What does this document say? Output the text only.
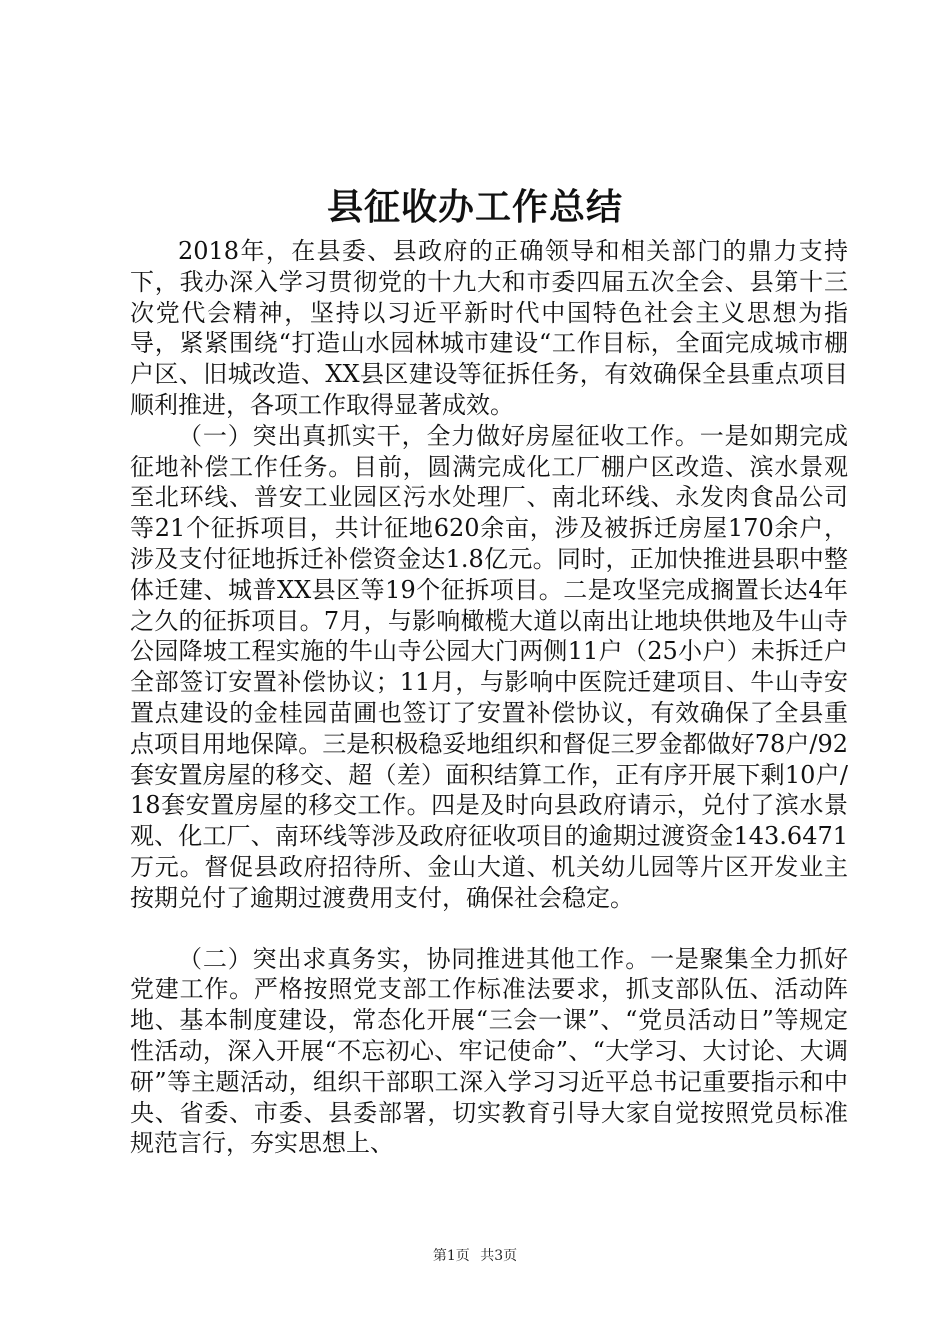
县征收办工作总结

2018年，在县委、县政府的正确领导和相关部门的鼎力支持下，我办深入学习贯彻党的十九大和市委四届五次全会、县第十三次党代会精神，坚持以习近平新时代中国特色社会主义思想为指导，紧紧围绕“打造山水园林城市建设“工作目标，全面完成城市棚户区、旧城改造、XX县区建设等征拆任务，有效确保全县重点项目顺利推进，各项工作取得显著成效。

（一）突出真抓实干，全力做好房屋征收工作。一是如期完成征地补偿工作任务。目前，圆满完成化工厂棚户区改造、滨水景观至北环线、普安工业园区污水处理厂、南北环线、永发肉食品公司等21个征拆项目，共计征地620余亩，涉及被拆迁房屋170余户，涉及支付征地拆迁补偿资金达1.8亿元。同时，正加快推进县职中整体迁建、城普XX县区等19个征拆项目。二是攻坚完成搁置长达4年之久的征拆项目。7月，与影响橄榄大道以南出让地块供地及牛山寺公园降坡工程实施的牛山寺公园大门两侧11户（25小户）未拆迁户全部签订安置补偿协议；11月，与影响中医院迁建项目、牛山寺安置点建设的金桂园苗圃也签订了安置补偿协议，有效确保了全县重点项目用地保障。三是积极稳妥地组织和督促三罗金都做好78户/92套安置房屋的移交、超（差）面积结算工作，正有序开展下剩10户/18套安置房屋的移交工作。四是及时向县政府请示，兑付了滨水景观、化工厂、南环线等涉及政府征收项目的逾期过渡资金143.6471万元。督促县政府招待所、金山大道、机关幼儿园等片区开发业主按期兑付了逾期过渡费用支付，确保社会稳定。

（二）突出求真务实，协同推进其他工作。一是聚集全力抓好党建工作。严格按照党支部工作标准法要求，抓支部队伍、活动阵地、基本制度建设，常态化开展“三会一课”、“党员活动日”等规定性活动，深入开展“不忘初心、牢记使命”、“大学习、大讨论、大调研”等主题活动，组织干部职工深入学习习近平总书记重要指示和中央、省委、市委、县委部署，切实教育引导大家自觉按照党员标准规范言行，夯实思想上、

第1页 共3页
